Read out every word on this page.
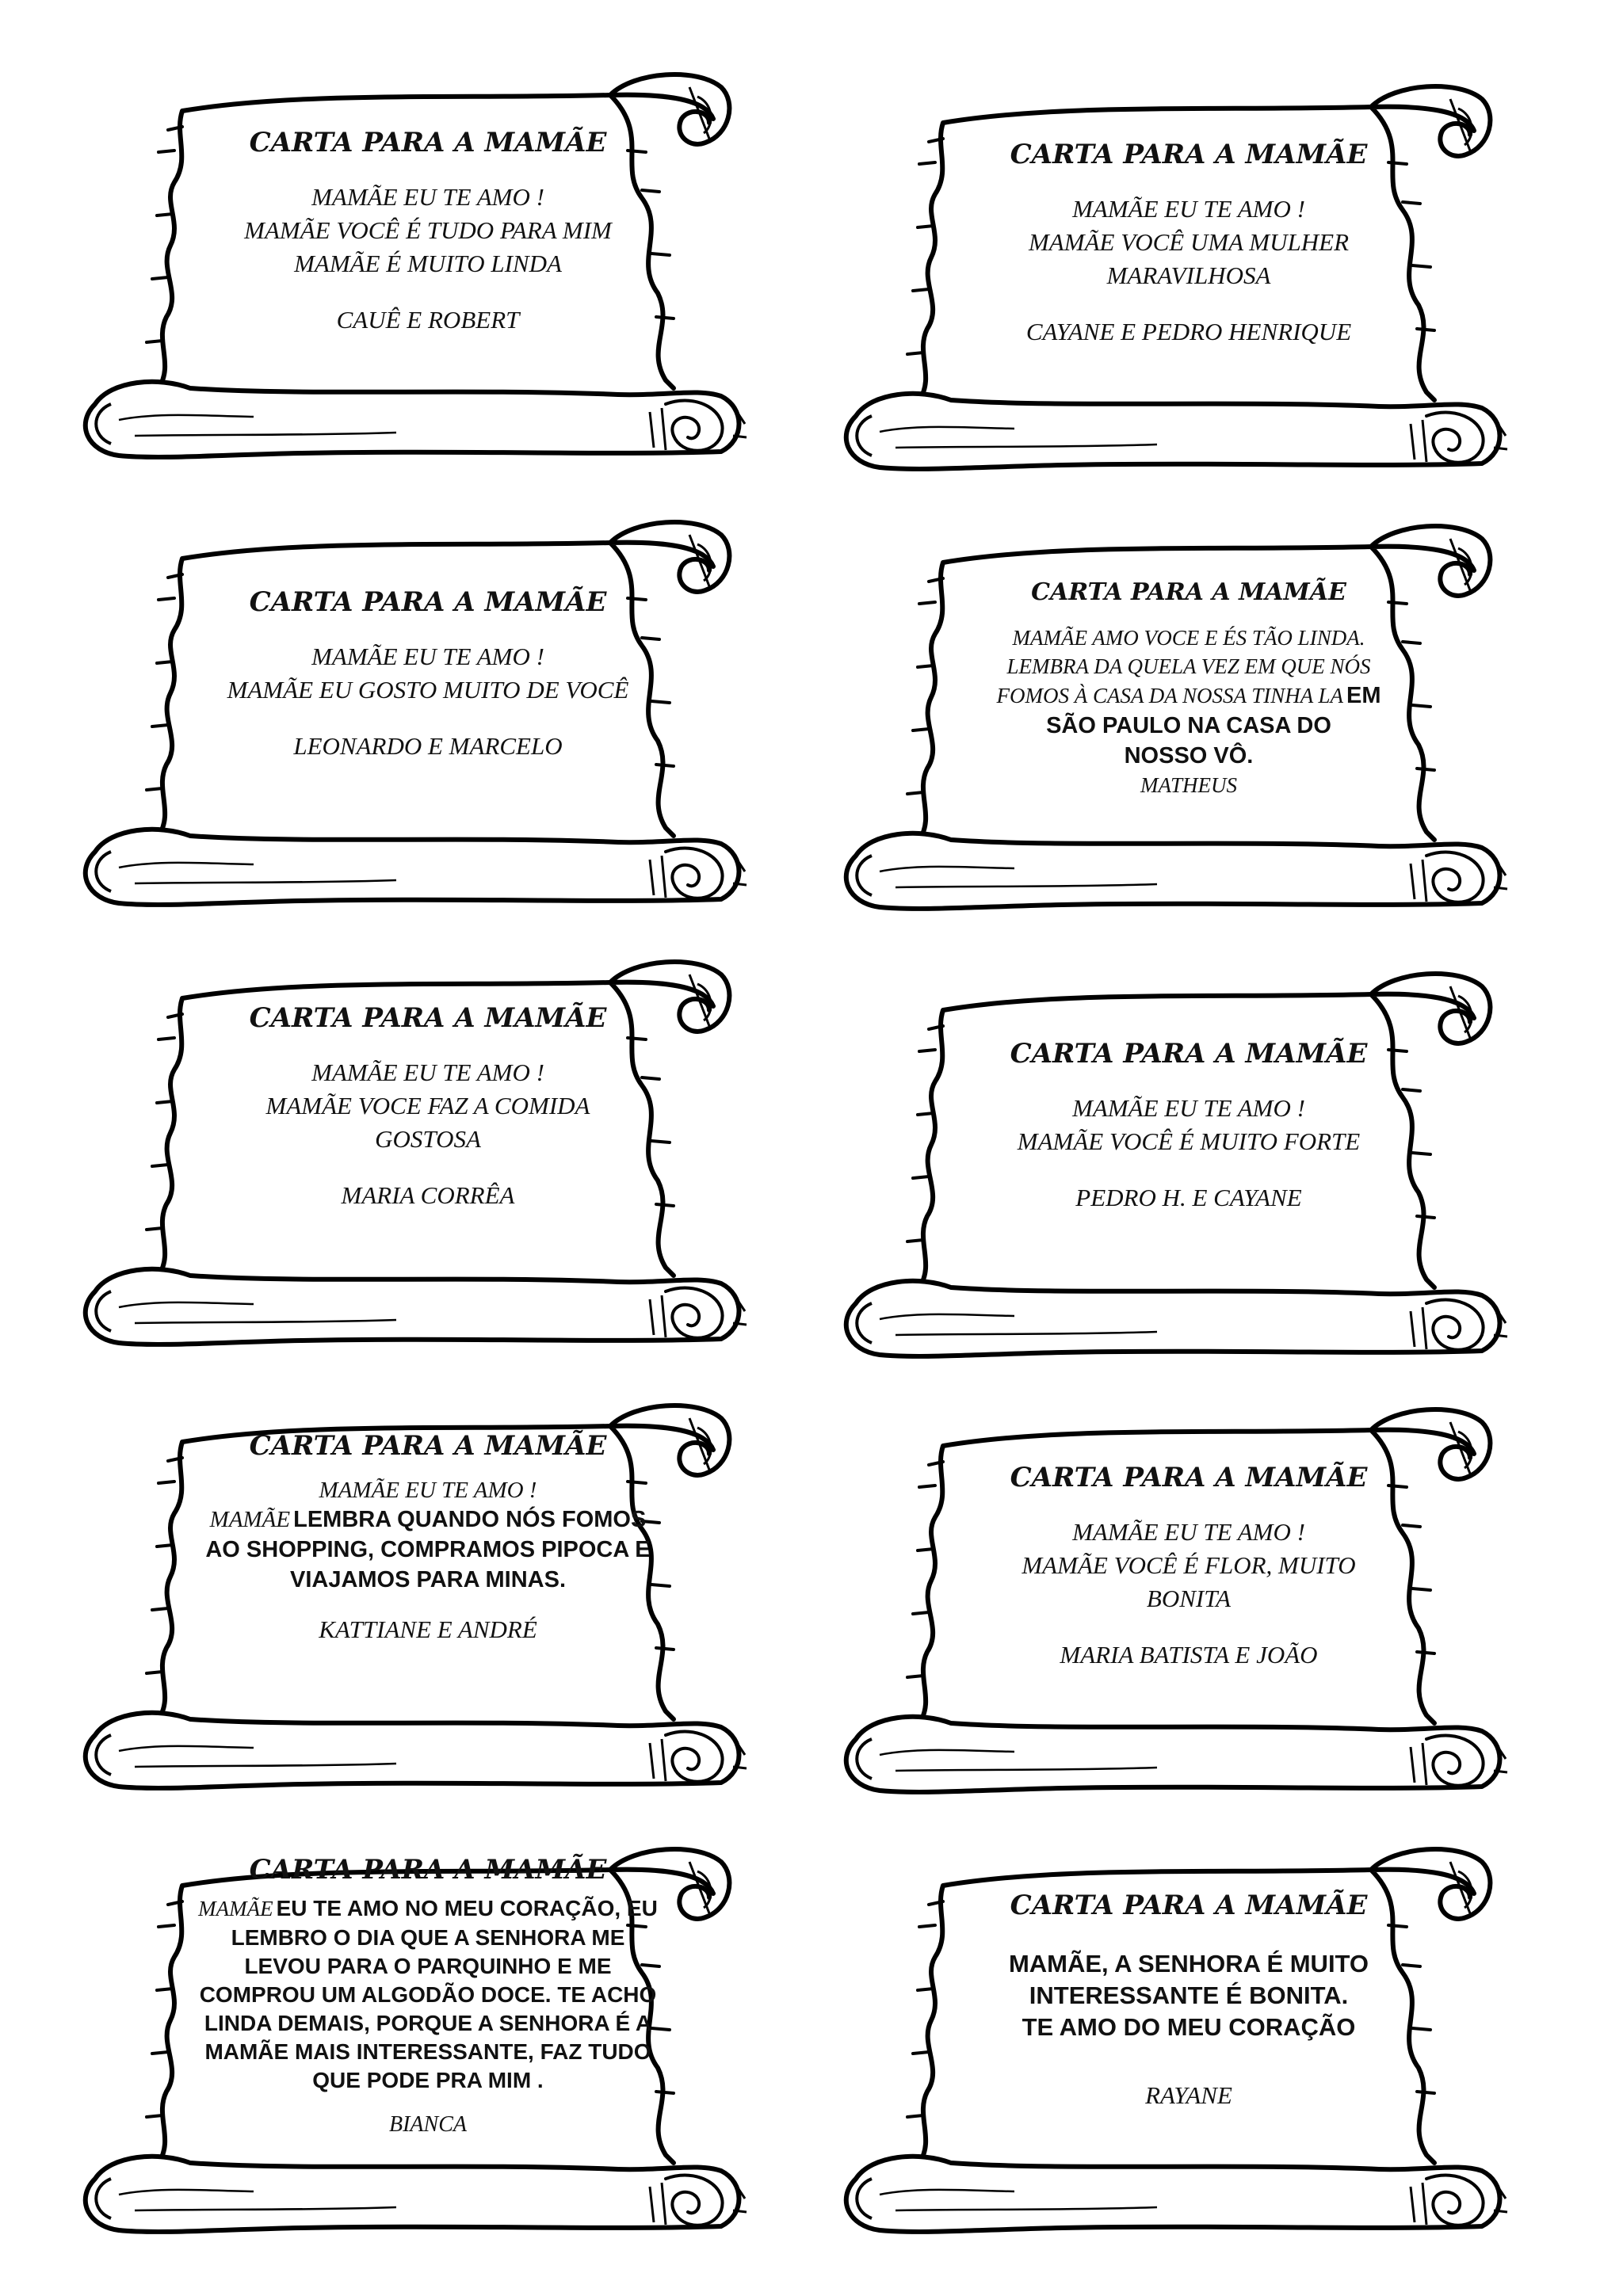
CARTA PARA A MAMÃE
MAMÃE EU TE AMO !
MAMÃE VOCÊ É TUDO PARA MIM
MAMÃE É MUITO LINDA
CAUÊ E ROBERT
CARTA PARA A MAMÃE
MAMÃE EU TE AMO !
MAMÃE VOCÊ UMA MULHER
MARAVILHOSA
CAYANE E PEDRO HENRIQUE
CARTA PARA A MAMÃE
MAMÃE EU TE AMO !
MAMÃE EU GOSTO MUITO DE VOCÊ
LEONARDO E MARCELO
CARTA PARA A MAMÃE
MAMÃE AMO VOCE E ÉS TÃO LINDA.
LEMBRA DA QUELA VEZ EM QUE NÓS
FOMOS À CASA DA NOSSA TINHA LA EM
SÃO PAULO NA CASA DO
NOSSO VÔ.
MATHEUS
CARTA PARA A MAMÃE
MAMÃE EU TE AMO !
MAMÃE VOCE FAZ A COMIDA
GOSTOSA
MARIA CORRÊA
CARTA PARA A MAMÃE
MAMÃE EU TE AMO !
MAMÃE VOCÊ É MUITO FORTE
PEDRO H. E CAYANE
CARTA PARA A MAMÃE
MAMÃE EU TE AMO !
MAMÃE LEMBRA QUANDO NÓS FOMOS
AO SHOPPING, COMPRAMOS PIPOCA E
VIAJAMOS PARA MINAS.
KATTIANE E ANDRÉ
CARTA PARA A MAMÃE
MAMÃE EU TE AMO !
MAMÃE VOCÊ É FLOR, MUITO
BONITA
MARIA BATISTA E JOÃO
CARTA PARA A MAMÃE
MAMÃE EU TE AMO NO MEU CORAÇÃO, EU
LEMBRO O DIA QUE A SENHORA ME
LEVOU PARA O PARQUINHO E ME
COMPROU UM ALGODÃO DOCE. TE ACHO
LINDA DEMAIS, PORQUE A SENHORA É A
MAMÃE MAIS INTERESSANTE, FAZ TUDO
QUE PODE PRA MIM .
BIANCA
CARTA PARA A MAMÃE
MAMÃE, A SENHORA É MUITO
INTERESSANTE É BONITA.
TE AMO DO MEU CORAÇÃO
RAYANE
